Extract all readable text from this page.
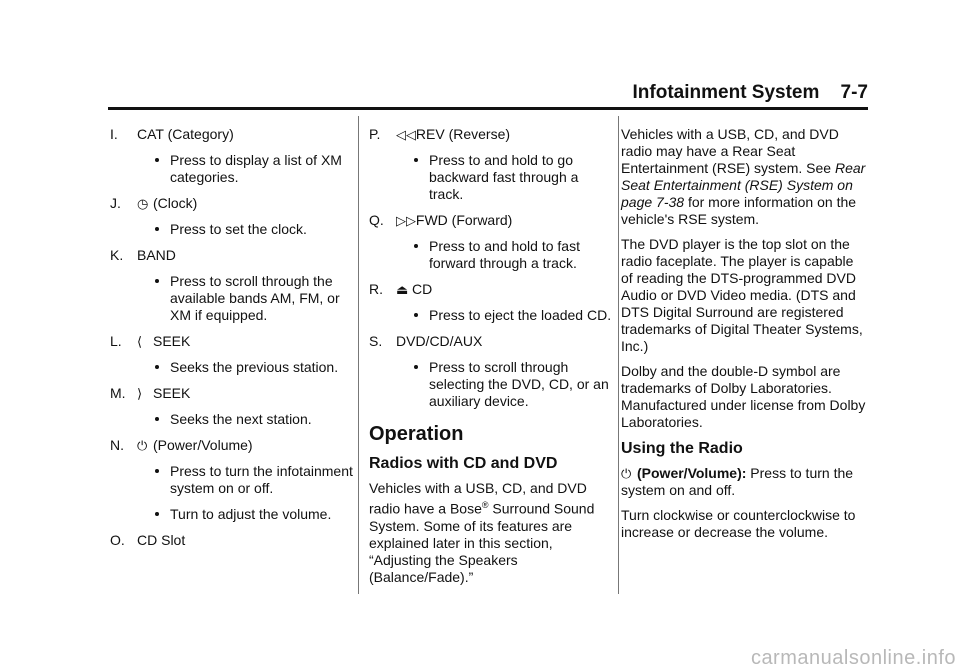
Infotainment System 7-7
I. CAT (Category)
Press to display a list of XM categories.
J. ◷ (Clock)
Press to set the clock.
K. BAND
Press to scroll through the available bands AM, FM, or XM if equipped.
L. ⟨ SEEK
Seeks the previous station.
M. ⟩ SEEK
Seeks the next station.
N. ⏻ (Power/Volume)
Press to turn the infotainment system on or off.
Turn to adjust the volume.
O. CD Slot
P. ◁◁ REV (Reverse)
Press to and hold to go backward fast through a track.
Q. ▷▷ FWD (Forward)
Press to and hold to fast forward through a track.
R. ⏏ CD
Press to eject the loaded CD.
S. DVD/CD/AUX
Press to scroll through selecting the DVD, CD, or an auxiliary device.
Operation
Radios with CD and DVD

Vehicles with a USB, CD, and DVD radio have a Bose® Surround Sound System. Some of its features are explained later in this section, “Adjusting the Speakers (Balance/Fade).”

Vehicles with a USB, CD, and DVD radio may have a Rear Seat Entertainment (RSE) system. See Rear Seat Entertainment (RSE) System on page 7-38 for more information on the vehicle's RSE system.

The DVD player is the top slot on the radio faceplate. The player is capable of reading the DTS-programmed DVD Audio or DVD Video media. (DTS and DTS Digital Surround are registered trademarks of Digital Theater Systems, Inc.)

Dolby and the double-D symbol are trademarks of Dolby Laboratories. Manufactured under license from Dolby Laboratories.

Using the Radio

⏻ (Power/Volume): Press to turn the system on and off.

Turn clockwise or counterclockwise to increase or decrease the volume.

carmanualsonline.info
